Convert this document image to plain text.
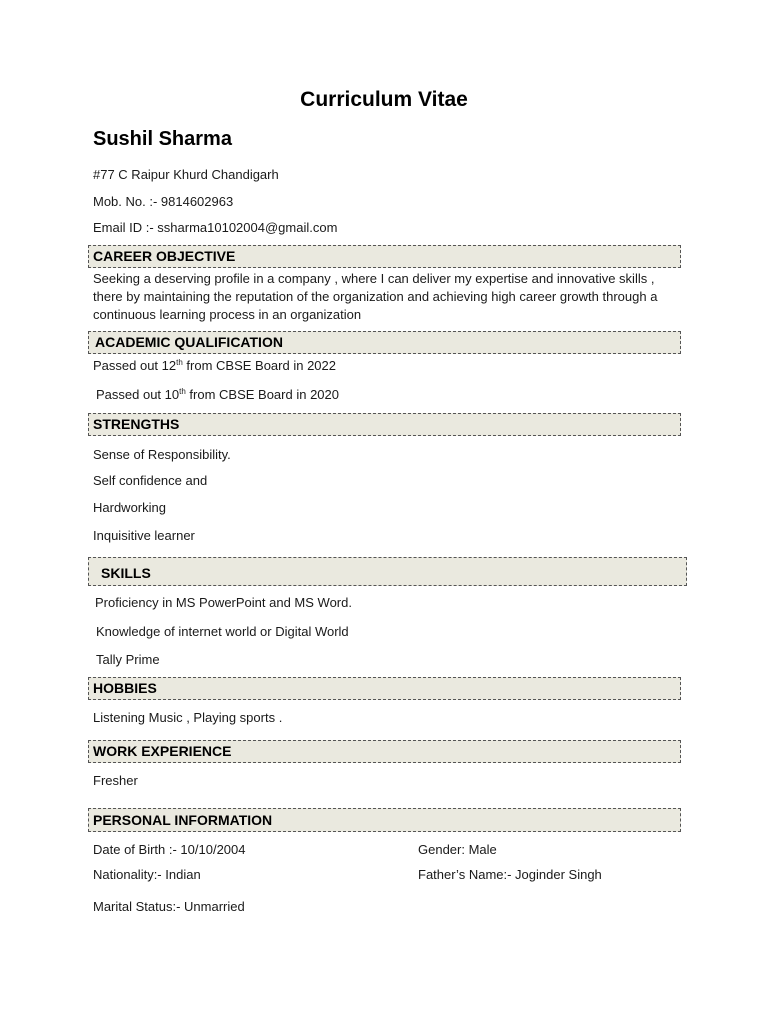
Curriculum Vitae
Sushil Sharma
#77 C Raipur Khurd Chandigarh
Mob. No. :- 9814602963
Email ID :- ssharma10102004@gmail.com
CAREER OBJECTIVE
Seeking a deserving profile in a company , where I can deliver my expertise and innovative skills , there by maintaining the reputation of the organization and achieving high career growth through a continuous learning process in an organization
ACADEMIC QUALIFICATION
Passed out 12th from CBSE Board in 2022
Passed out 10th from CBSE Board in 2020
STRENGTHS
Sense of Responsibility.
Self confidence and
Hardworking
Inquisitive learner
SKILLS
Proficiency in MS PowerPoint and MS Word.
Knowledge of internet world or Digital World
Tally Prime
HOBBIES
Listening Music , Playing sports .
WORK EXPERIENCE
Fresher
PERSONAL INFORMATION
Date of Birth :- 10/10/2004	Gender: Male
Nationality:- Indian	Father’s Name:- Joginder Singh
Marital Status:- Unmarried
